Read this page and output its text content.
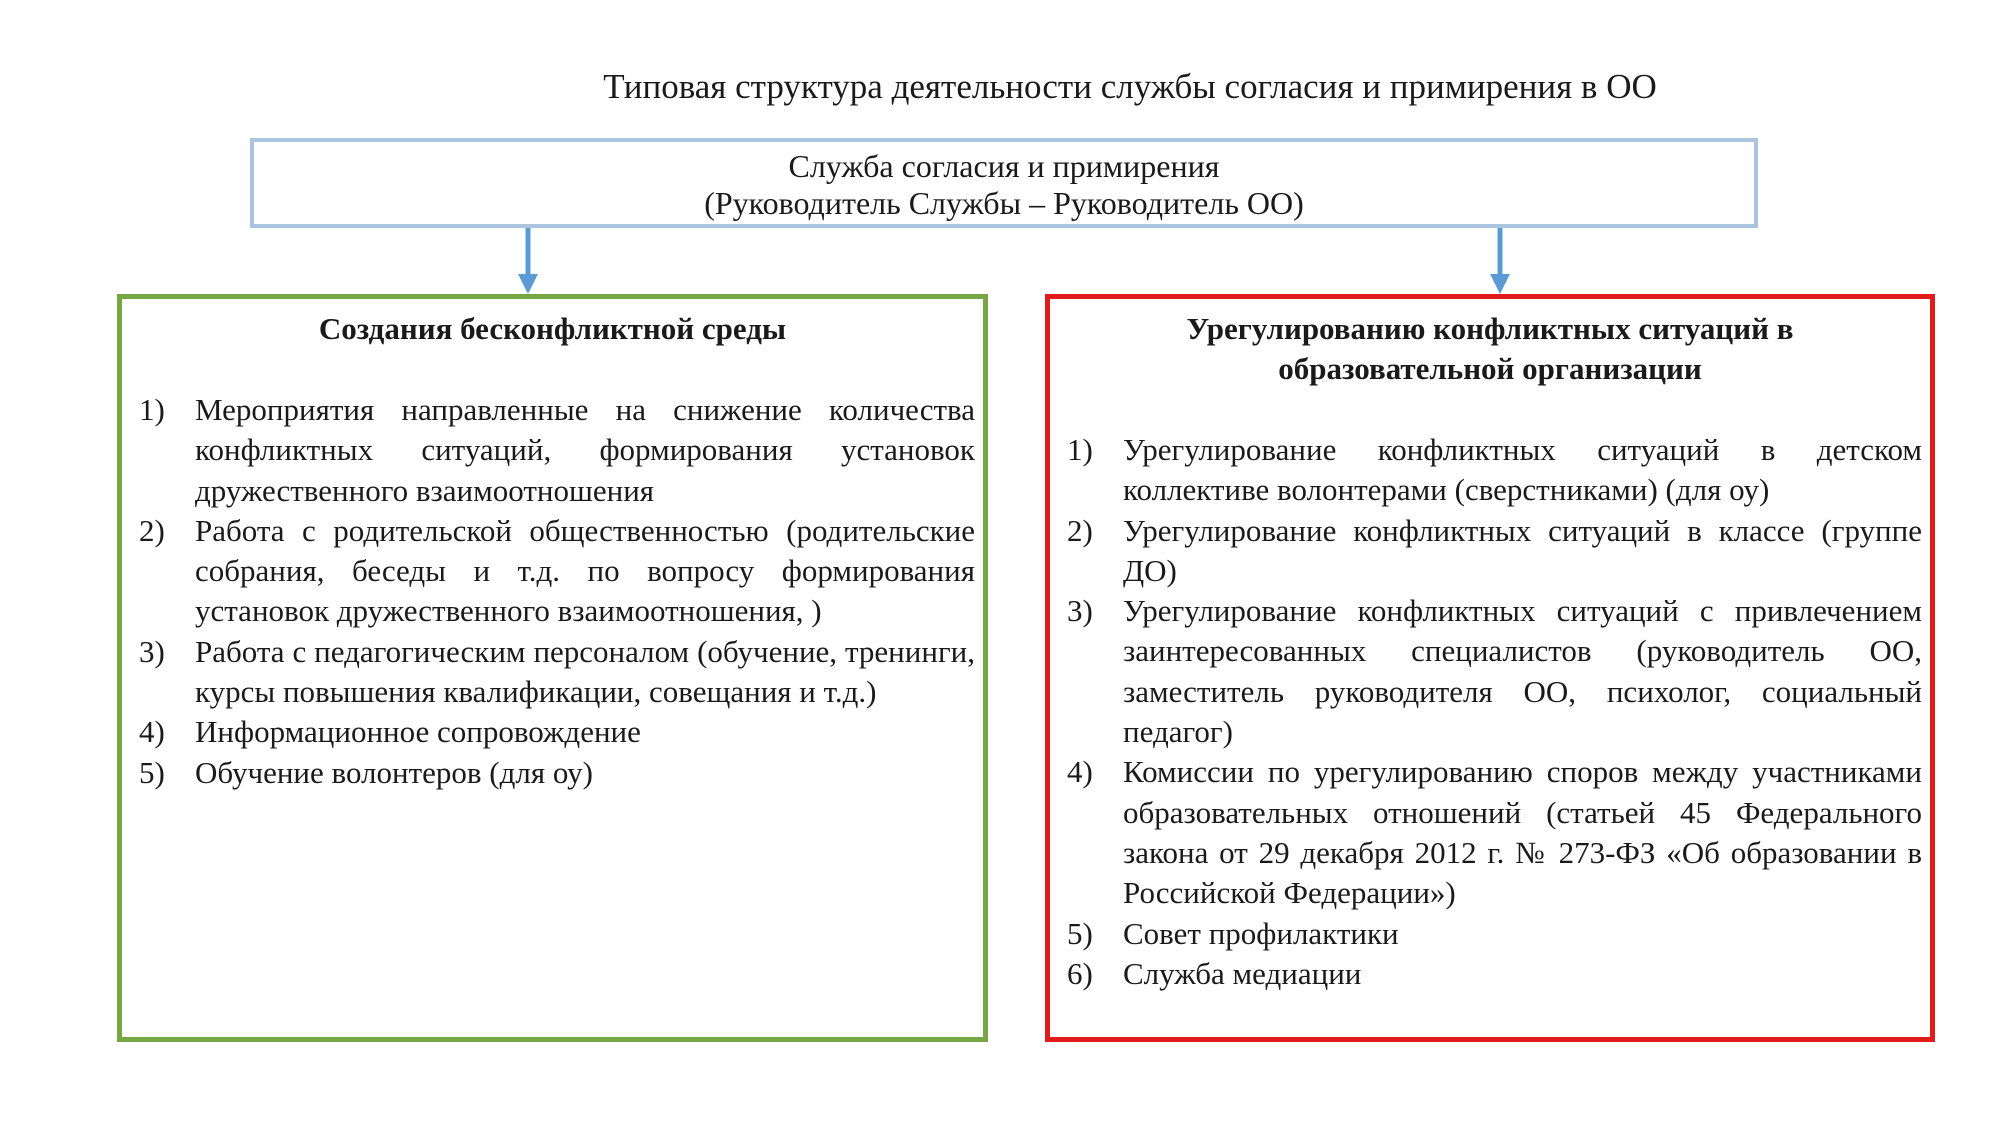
Типовая структура деятельности службы согласия и примирения в ОО
Служба согласия и примирения
(Руководитель Службы – Руководитель ОО)
Создания бесконфликтной среды
1) Мероприятия направленные на снижение количества конфликтных ситуаций, формирования установок дружественного взаимоотношения
2) Работа с родительской общественностью (родительские собрания, беседы и т.д. по вопросу формирования установок дружественного взаимоотношения, )
3) Работа с педагогическим персоналом (обучение, тренинги, курсы повышения квалификации, совещания и т.д.)
4) Информационное сопровождение
5) Обучение волонтеров (для оу)
Урегулированию конфликтных ситуаций в
образовательной организации
1) Урегулирование конфликтных ситуаций в детском коллективе волонтерами (сверстниками) (для оу)
2) Урегулирование конфликтных ситуаций в классе (группе ДО)
3) Урегулирование конфликтных ситуаций с привлечением заинтересованных специалистов (руководитель ОО, заместитель руководителя ОО, психолог, социальный педагог)
4) Комиссии по урегулированию споров между участниками образовательных отношений (статьей 45 Федерального закона от 29 декабря 2012 г. № 273-ФЗ «Об образовании в Российской Федерации»)
5) Совет профилактики
6) Служба медиации
